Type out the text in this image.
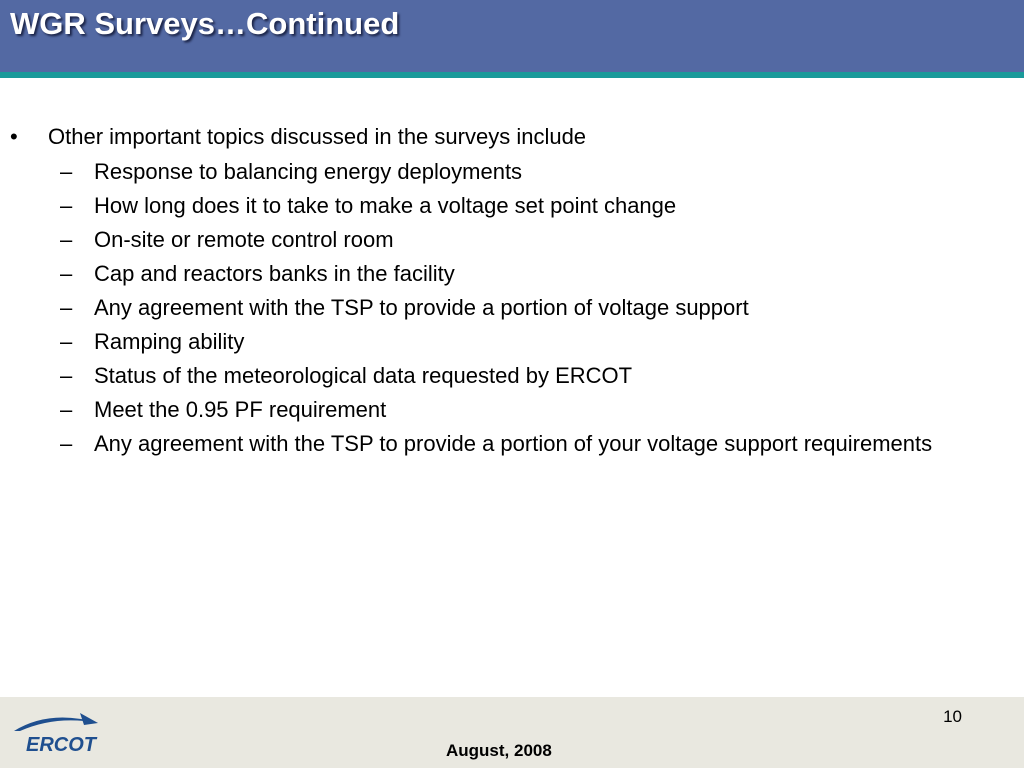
WGR Surveys…Continued
• Other important topics discussed in the surveys include
– Response to balancing energy deployments
– How long does it to take to make a voltage set point change
– On-site or remote control room
– Cap and reactors banks in the facility
– Any agreement with the TSP to provide a portion of voltage support
– Ramping ability
– Status of the meteorological data requested by ERCOT
– Meet the 0.95 PF requirement
– Any agreement with the TSP to provide a portion of your voltage support requirements
ERCOT
10
August, 2008
